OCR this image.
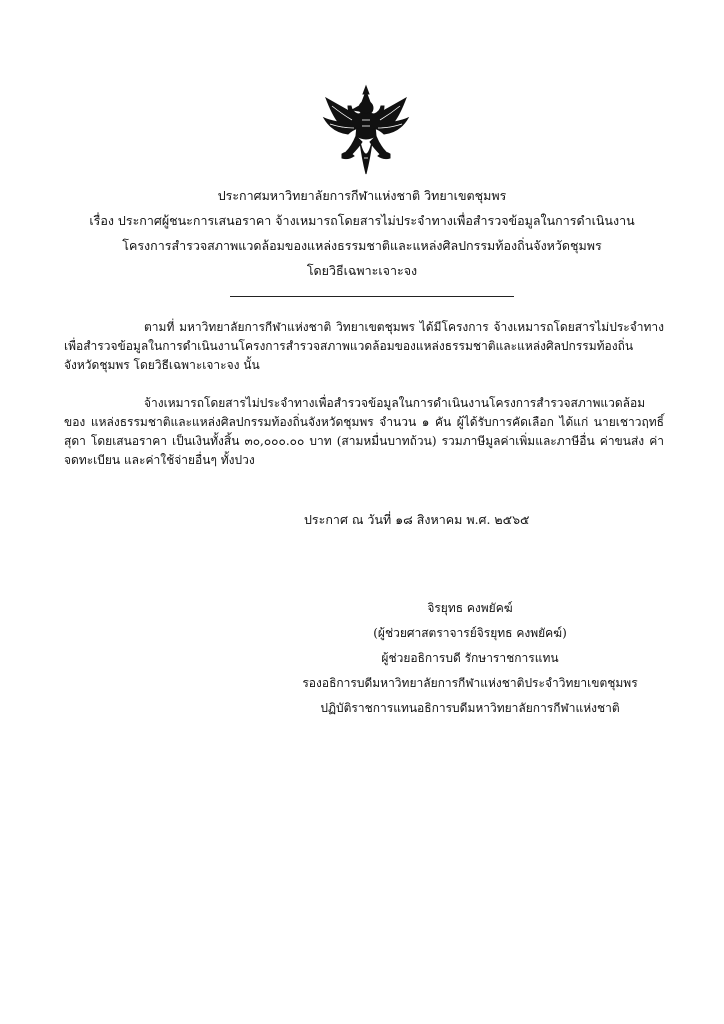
ประกาศมหาวิทยาลัยการกีฬาแห่งชาติ วิทยาเขตชุมพร
เรื่อง ประกาศผู้ชนะการเสนอราคา จ้างเหมารถโดยสารไม่ประจำทางเพื่อสำรวจข้อมูลในการดำเนินงาน
โครงการสำรวจสภาพแวดล้อมของแหล่งธรรมชาติและแหล่งศิลปกรรมท้องถิ่นจังหวัดชุมพร
โดยวิธีเฉพาะเจาะจง

ตามที่ มหาวิทยาลัยการกีฬาแห่งชาติ วิทยาเขตชุมพร ได้มีโครงการ จ้างเหมารถโดยสารไม่ประจำทาง เพื่อสำรวจข้อมูลในการดำเนินงานโครงการสำรวจสภาพแวดล้อมของแหล่งธรรมชาติและแหล่งศิลปกรรมท้องถิ่น จังหวัดชุมพร โดยวิธีเฉพาะเจาะจง นั้น

จ้างเหมารถโดยสารไม่ประจำทางเพื่อสำรวจข้อมูลในการดำเนินงานโครงการสำรวจสภาพแวดล้อมของ แหล่งธรรมชาติและแหล่งศิลปกรรมท้องถิ่นจังหวัดชุมพร จำนวน ๑ คัน ผู้ได้รับการคัดเลือก ได้แก่ นายเชาวฤทธิ์ สุดา โดยเสนอราคา เป็นเงินทั้งสิ้น ๓๐,๐๐๐.๐๐ บาท (สามหมื่นบาทถ้วน) รวมภาษีมูลค่าเพิ่มและภาษีอื่น ค่าขนส่ง ค่าจดทะเบียน และค่าใช้จ่ายอื่นๆ ทั้งปวง

ประกาศ ณ วันที่ ๑๘ สิงหาคม พ.ศ. ๒๕๖๕
จิรยุทธ คงพยัคฆ์
(ผู้ช่วยศาสตราจารย์จิรยุทธ คงพยัคฆ์)
ผู้ช่วยอธิการบดี รักษาราชการแทน
รองอธิการบดีมหาวิทยาลัยการกีฬาแห่งชาติประจำวิทยาเขตชุมพร
ปฏิบัติราชการแทนอธิการบดีมหาวิทยาลัยการกีฬาแห่งชาติ
